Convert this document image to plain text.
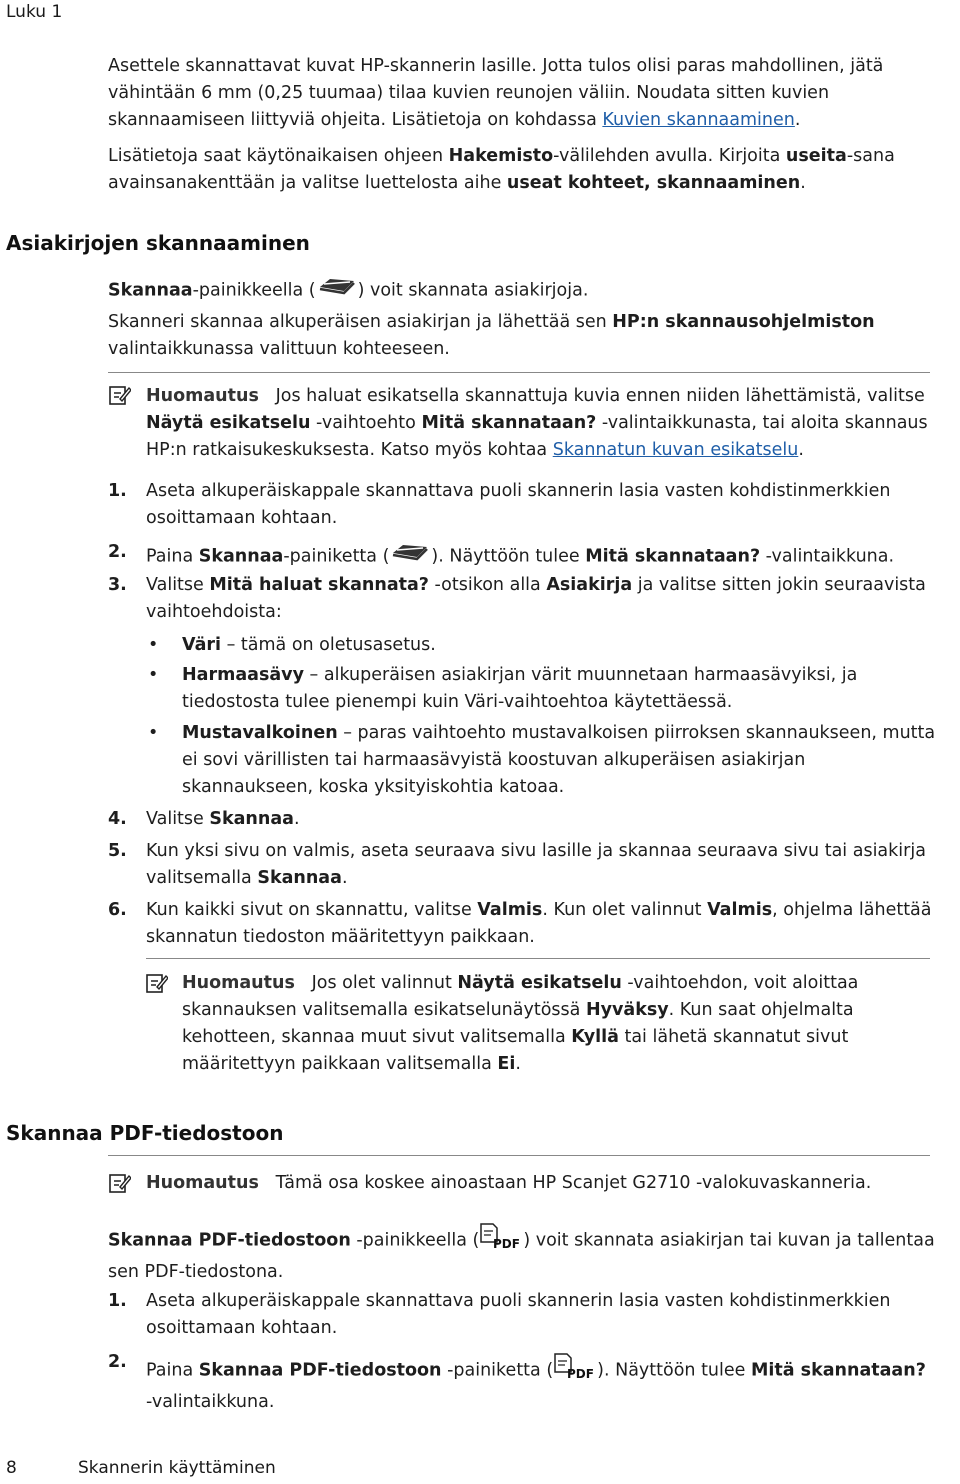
Luku 1
Asettele skannattavat kuvat HP-skannerin lasille. Jotta tulos olisi paras mahdollinen, jätä vähintään 6 mm (0,25 tuumaa) tilaa kuvien reunojen väliin. Noudata sitten kuvien skannaamiseen liittyviä ohjeita. Lisätietoja on kohdassa Kuvien skannaaminen.
Lisätietoja saat käytönaikaisen ohjeen Hakemisto-välilehden avulla. Kirjoita useita-sana avainsanakenttään ja valitse luettelosta aihe useat kohteet, skannaaminen.
Asiakirjojen skannaaminen
Skannaa-painikkeella ( ) voit skannata asiakirjoja.
Skanneri skannaa alkuperäisen asiakirjan ja lähettää sen HP:n skannausohjelmiston valintaikkunassa valittuun kohteeseen.
Huomautus Jos haluat esikatsella skannattuja kuvia ennen niiden lähettämistä, valitse Näytä esikatselu -vaihtoehto Mitä skannataan? -valintaikkunasta, tai aloita skannaus HP:n ratkaisukeskuksesta. Katso myös kohtaa Skannatun kuvan esikatselu.
1. Aseta alkuperäiskappale skannattava puoli skannerin lasia vasten kohdistinmerkkien osoittamaan kohtaan.
2. Paina Skannaa-painiketta ( ). Näyttöön tulee Mitä skannataan? -valintaikkuna.
3. Valitse Mitä haluat skannata? -otsikon alla Asiakirja ja valitse sitten jokin seuraavista vaihtoehdoista:
• Väri – tämä on oletusasetus.
• Harmaasävy – alkuperäisen asiakirjan värit muunnetaan harmaasävyiksi, ja tiedostosta tulee pienempi kuin Väri-vaihtoehtoa käytettäessä.
• Mustavalkoinen – paras vaihtoehto mustavalkoisen piirroksen skannaukseen, mutta ei sovi värillisten tai harmaasävyistä koostuvan alkuperäisen asiakirjan skannaukseen, koska yksityiskohtia katoaa.
4. Valitse Skannaa.
5. Kun yksi sivu on valmis, aseta seuraava sivu lasille ja skannaa seuraava sivu tai asiakirja valitsemalla Skannaa.
6. Kun kaikki sivut on skannattu, valitse Valmis. Kun olet valinnut Valmis, ohjelma lähettää skannatun tiedoston määritettyyn paikkaan.
Huomautus Jos olet valinnut Näytä esikatselu -vaihtoehdon, voit aloittaa skannauksen valitsemalla esikatselunäytössä Hyväksy. Kun saat ohjelmalta kehotteen, skannaa muut sivut valitsemalla Kyllä tai lähetä skannatut sivut määritettyyn paikkaan valitsemalla Ei.
Skannaa PDF-tiedostoon
Huomautus Tämä osa koskee ainoastaan HP Scanjet G2710 -valokuvaskanneria.
Skannaa PDF-tiedostoon -painikkeella ( PDF ) voit skannata asiakirjan tai kuvan ja tallentaa sen PDF-tiedostona.
1. Aseta alkuperäiskappale skannattava puoli skannerin lasia vasten kohdistinmerkkien osoittamaan kohtaan.
2. Paina Skannaa PDF-tiedostoon -painiketta ( PDF ). Näyttöön tulee Mitä skannataan? -valintaikkuna.
8	Skannerin käyttäminen
